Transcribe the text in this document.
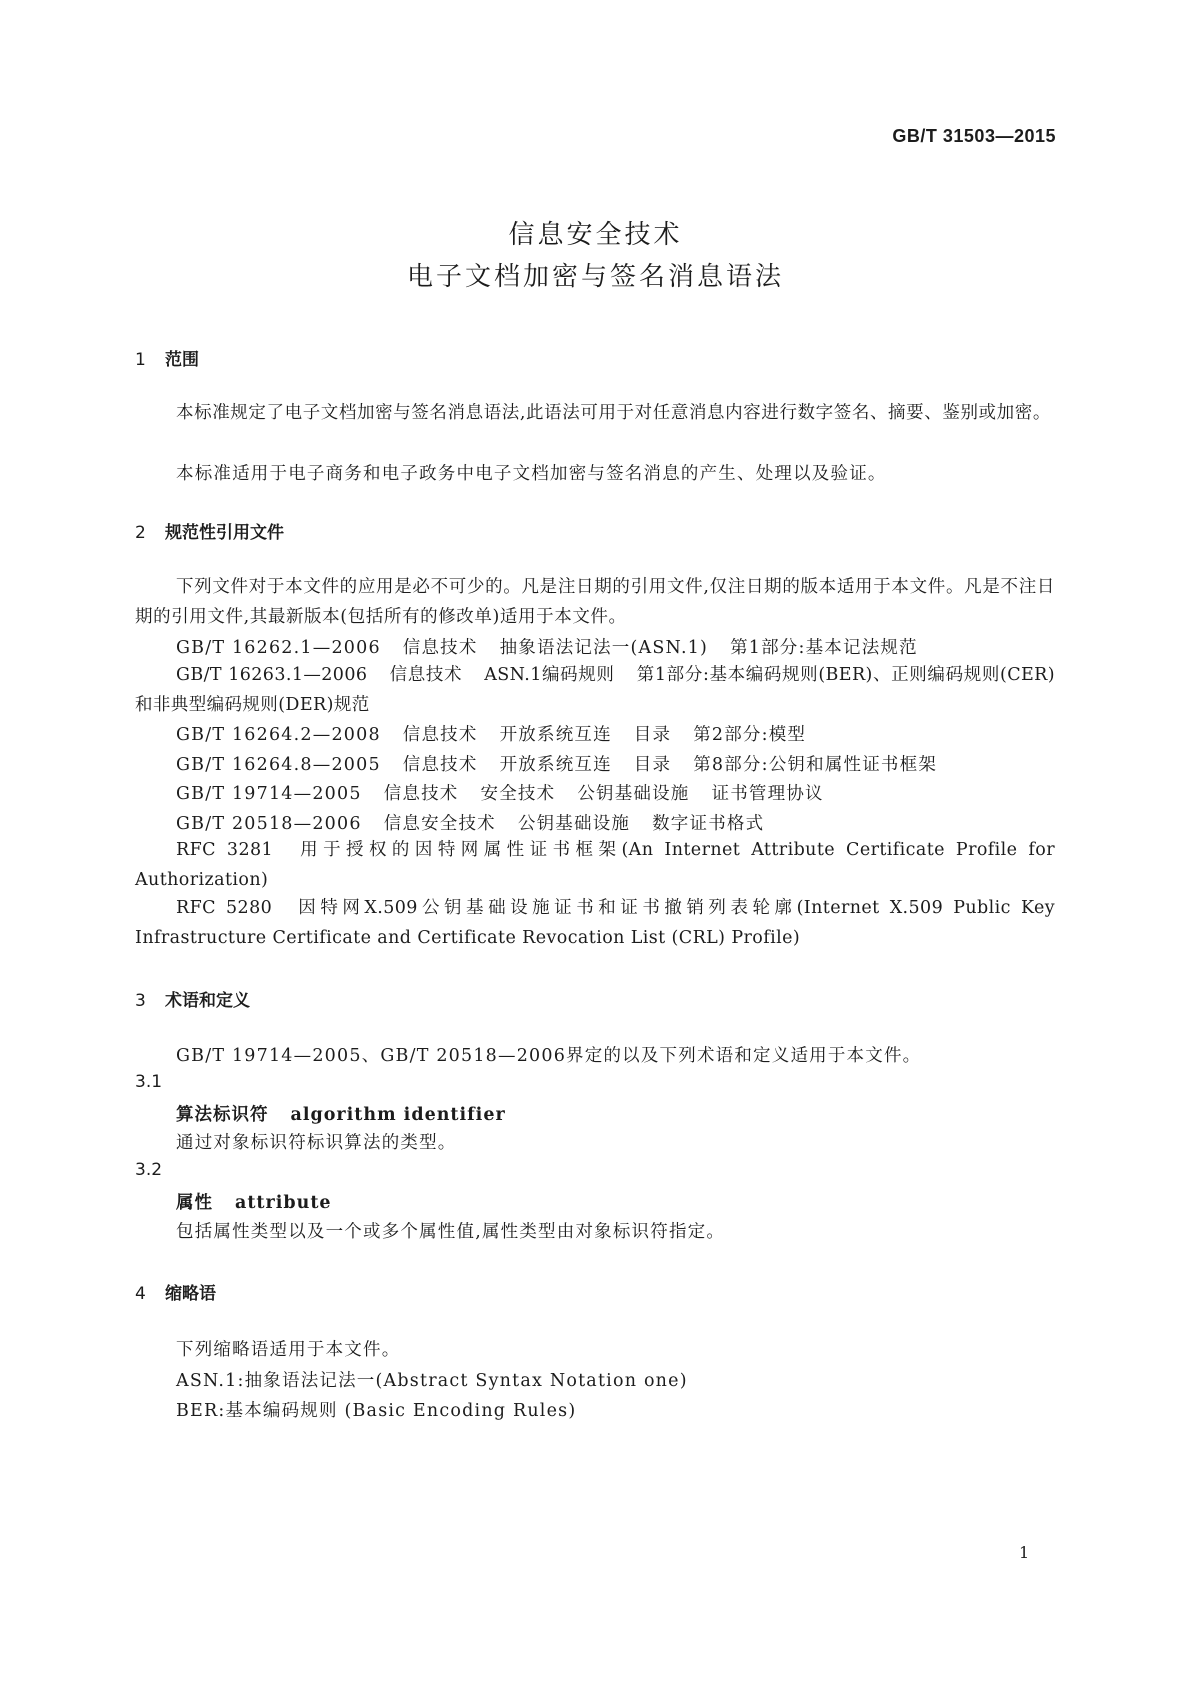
GB/T 31503—2015
信息安全技术
电子文档加密与签名消息语法
1 范围
本标准规定了电子文档加密与签名消息语法,此语法可用于对任意消息内容进行数字签名、摘要、鉴别或加密。
本标准适用于电子商务和电子政务中电子文档加密与签名消息的产生、处理以及验证。
2 规范性引用文件
下列文件对于本文件的应用是必不可少的。凡是注日期的引用文件,仅注日期的版本适用于本文件。凡是不注日期的引用文件,其最新版本(包括所有的修改单)适用于本文件。
GB/T 16262.1—2006 信息技术 抽象语法记法一(ASN.1) 第1部分:基本记法规范
GB/T 16263.1—2006 信息技术 ASN.1编码规则 第1部分:基本编码规则(BER)、正则编码规则(CER)和非典型编码规则(DER)规范
GB/T 16264.2—2008 信息技术 开放系统互连 目录 第2部分:模型
GB/T 16264.8—2005 信息技术 开放系统互连 目录 第8部分:公钥和属性证书框架
GB/T 19714—2005 信息技术 安全技术 公钥基础设施 证书管理协议
GB/T 20518—2006 信息安全技术 公钥基础设施 数字证书格式
RFC 3281 用于授权的因特网属性证书框架(An Internet Attribute Certificate Profile for Authorization)
RFC 5280 因特网X.509公钥基础设施证书和证书撤销列表轮廓(Internet X.509 Public Key Infrastructure Certificate and Certificate Revocation List (CRL) Profile)
3 术语和定义
GB/T 19714—2005、GB/T 20518—2006界定的以及下列术语和定义适用于本文件。
3.1
算法标识符 algorithm identifier
通过对象标识符标识算法的类型。
3.2
属性 attribute
包括属性类型以及一个或多个属性值,属性类型由对象标识符指定。
4 缩略语
下列缩略语适用于本文件。
ASN.1:抽象语法记法一(Abstract Syntax Notation one)
BER:基本编码规则 (Basic Encoding Rules)
1
